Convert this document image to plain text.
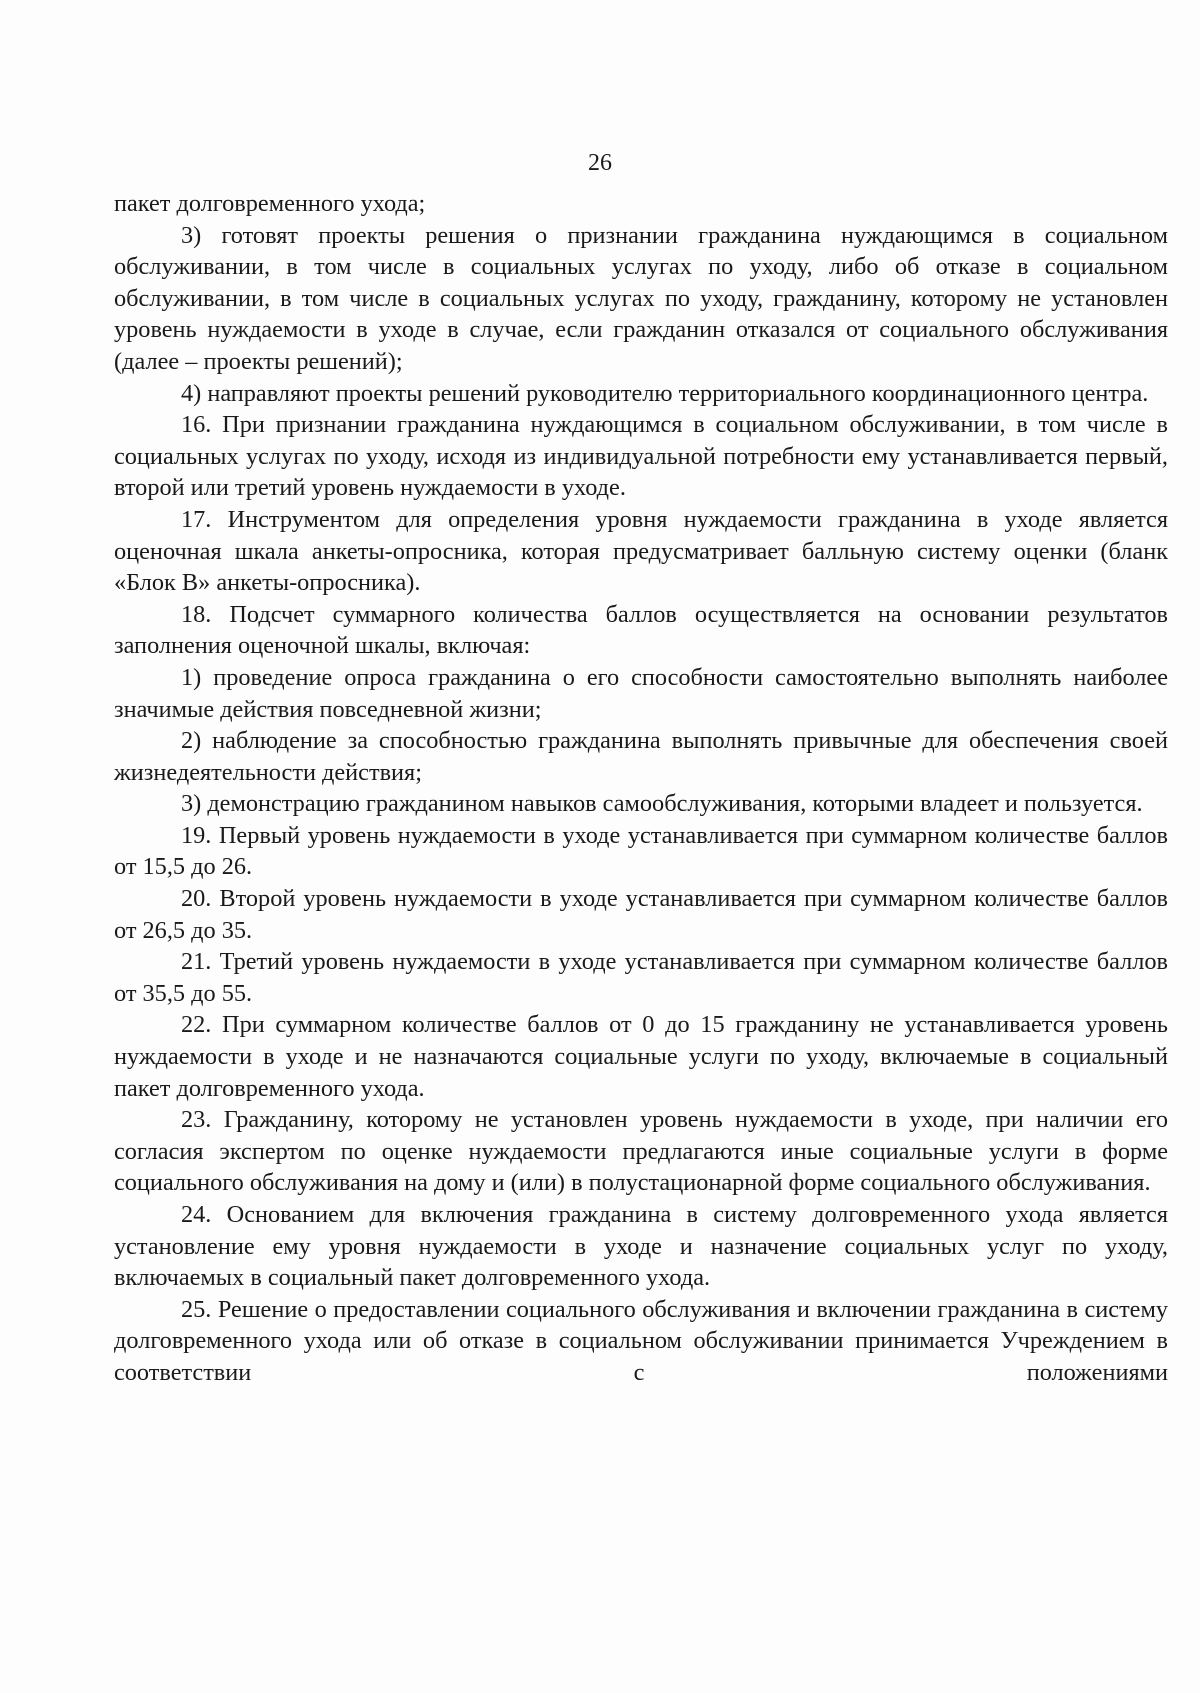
26

пакет долговременного ухода;

3) готовят проекты решения о признании гражданина нуждающимся в социальном обслуживании, в том числе в социальных услугах по уходу, либо об отказе в социальном обслуживании, в том числе в социальных услугах по уходу, гражданину, которому не установлен уровень нуждаемости в уходе в случае, если гражданин отказался от социального обслуживания (далее – проекты решений);

4) направляют проекты решений руководителю территориального координационного центра.

16. При признании гражданина нуждающимся в социальном обслуживании, в том числе в социальных услугах по уходу, исходя из индивидуальной потребности ему устанавливается первый, второй или третий уровень нуждаемости в уходе.

17. Инструментом для определения уровня нуждаемости гражданина в уходе является оценочная шкала анкеты-опросника, которая предусматривает балльную систему оценки (бланк «Блок В» анкеты-опросника).

18. Подсчет суммарного количества баллов осуществляется на основании результатов заполнения оценочной шкалы, включая:

1) проведение опроса гражданина о его способности самостоятельно выполнять наиболее значимые действия повседневной жизни;

2) наблюдение за способностью гражданина выполнять привычные для обеспечения своей жизнедеятельности действия;

3) демонстрацию гражданином навыков самообслуживания, которыми владеет и пользуется.

19. Первый уровень нуждаемости в уходе устанавливается при суммарном количестве баллов от 15,5 до 26.

20. Второй уровень нуждаемости в уходе устанавливается при суммарном количестве баллов от 26,5 до 35.

21. Третий уровень нуждаемости в уходе устанавливается при суммарном количестве баллов от 35,5 до 55.

22. При суммарном количестве баллов от 0 до 15 гражданину не устанавливается уровень нуждаемости в уходе и не назначаются социальные услуги по уходу, включаемые в социальный пакет долговременного ухода.

23. Гражданину, которому не установлен уровень нуждаемости в уходе, при наличии его согласия экспертом по оценке нуждаемости предлагаются иные социальные услуги в форме социального обслуживания на дому и (или) в полустационарной форме социального обслуживания.

24. Основанием для включения гражданина в систему долговременного ухода является установление ему уровня нуждаемости в уходе и назначение социальных услуг по уходу, включаемых в социальный пакет долговременного ухода.

25. Решение о предоставлении социального обслуживания и включении гражданина в систему долговременного ухода или об отказе в социальном обслуживании принимается Учреждением в соответствии с положениями
